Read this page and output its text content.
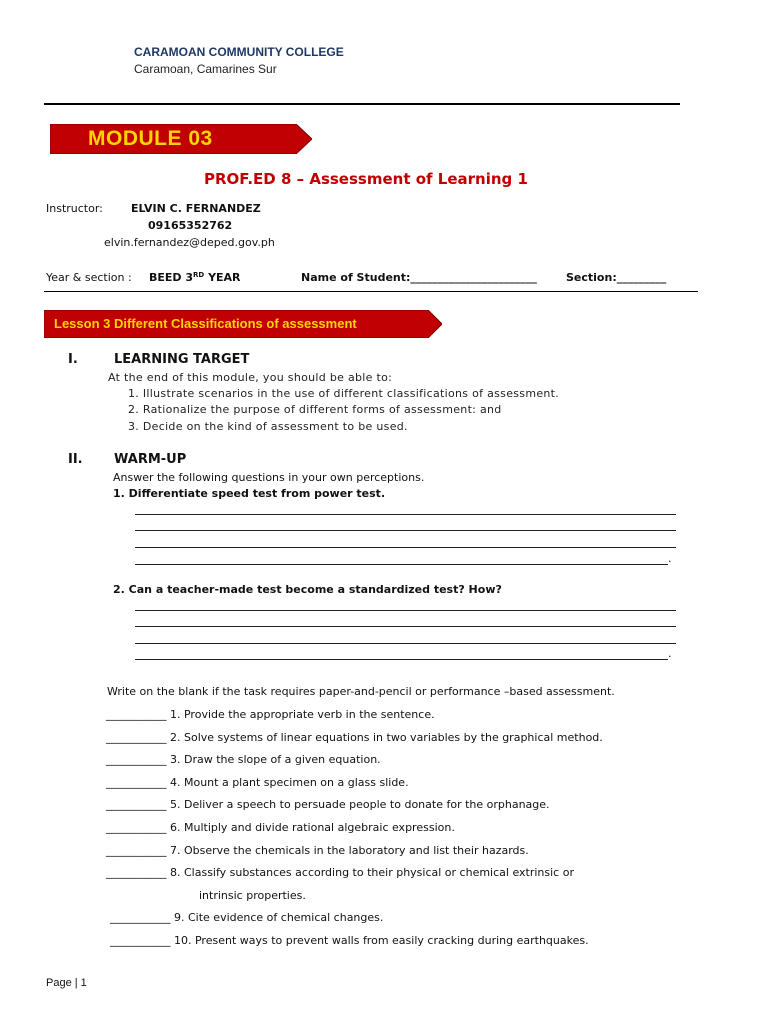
CARAMOAN COMMUNITY COLLEGE
Caramoan, Camarines Sur
MODULE 03
PROF.ED 8 – Assessment of Learning 1
Instructor:	ELVIN C. FERNANDEZ
09165352762
elvin.fernandez@deped.gov.ph
Year & section : BEED 3RD YEAR	Name of Student:_______________________	Section:_________
Lesson 3 Different Classifications of assessment
I.	LEARNING TARGET
At the end of this module, you should be able to:
1. Illustrate scenarios in the use of different classifications of assessment.
2. Rationalize the purpose of different forms of assessment: and
3. Decide on the kind of assessment to be used.
II. WARM-UP
Answer the following questions in your own perceptions.
1. Differentiate speed test from power test.
.
2. Can a teacher-made test become a standardized test? How?
.
Write on the blank if the task requires paper-and-pencil or performance –based assessment.
___________ 1. Provide the appropriate verb in the sentence.
___________ 2. Solve systems of linear equations in two variables by the graphical method.
___________ 3. Draw the slope of a given equation.
___________ 4. Mount a plant specimen on a glass slide.
___________ 5. Deliver a speech to persuade people to donate for the orphanage.
___________ 6. Multiply and divide rational algebraic expression.
___________ 7. Observe the chemicals in the laboratory and list their hazards.
___________ 8. Classify substances according to their physical or chemical extrinsic or
intrinsic properties.
___________ 9. Cite evidence of chemical changes.
___________ 10. Present ways to prevent walls from easily cracking during earthquakes.
Page | 1
